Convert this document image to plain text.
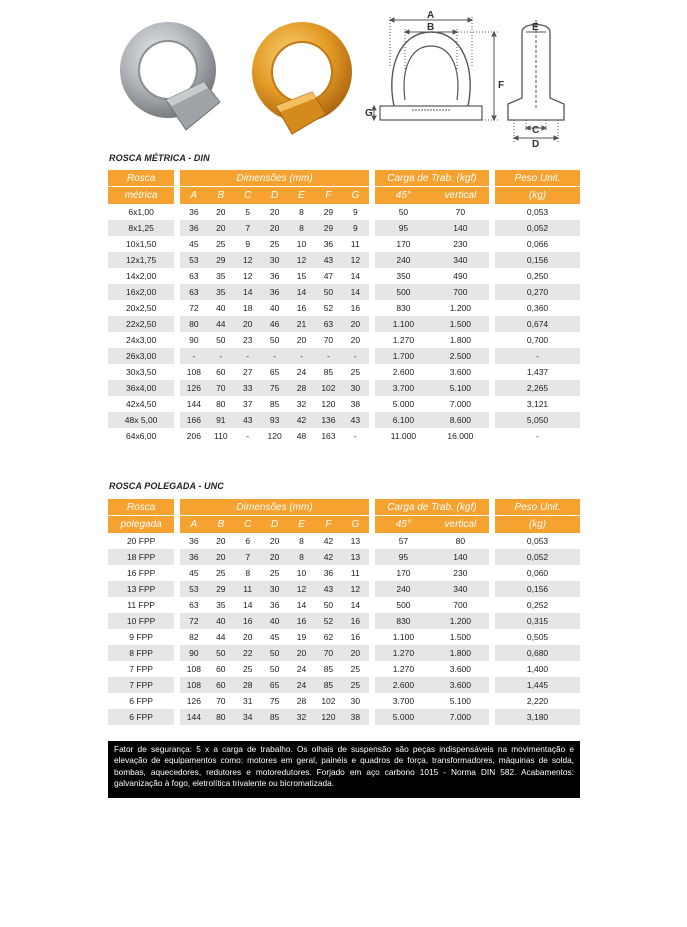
A
B
F
G
E
C
D
ROSCA MÉTRICA - DIN
Rosca		Dimensões (mm)								Carga de Trab. (kgf)			Peso Unit.
métrica		A	B	C	D	E	F	G		45°	vertical		(kg)
6x1,00		36	20	5	20	8	29	9		50	70		0,053
8x1,25		36	20	7	20	8	29	9		95	140		0,052
10x1,50		45	25	9	25	10	36	11		170	230		0,066
12x1,75		53	29	12	30	12	43	12		240	340		0,156
14x2,00		63	35	12	36	15	47	14		350	490		0,250
16x2,00		63	35	14	36	14	50	14		500	700		0,270
20x2,50		72	40	18	40	16	52	16		830	1.200		0,360
22x2,50		80	44	20	46	21	63	20		1.100	1.500		0,674
24x3,00		90	50	23	50	20	70	20		1.270	1.800		0,700
26x3,00		-	-	-	-	-	-	-		1.700	2.500		-
30x3,50		108	60	27	65	24	85	25		2.600	3.600		1,437
36x4,00		126	70	33	75	28	102	30		3.700	5.100		2,265
42x4,50		144	80	37	85	32	120	38		5.000	7.000		3,121
48x 5,00		166	91	43	93	42	136	43		6.100	8.600		5,050
64x6,00		206	110	-	120	48	163	-		11.000	16.000		-
ROSCA POLEGADA - UNC
Rosca		Dimensões (mm)								Carga de Trab. (kgf)			Peso Unit.
polegada		A	B	C	D	E	F	G		45°	vertical		(kg)
20 FPP		36	20	6	20	8	42	13		57	80		0,053
18 FPP		36	20	7	20	8	42	13		95	140		0,052
16 FPP		45	25	8	25	10	36	11		170	230		0,060
13 FPP		53	29	11	30	12	43	12		240	340		0,156
11 FPP		63	35	14	36	14	50	14		500	700		0,252
10 FPP		72	40	16	40	16	52	16		830	1.200		0,315
9 FPP		82	44	20	45	19	62	16		1.100	1.500		0,505
8 FPP		90	50	22	50	20	70	20		1.270	1.800		0,680
7 FPP		108	60	25	50	24	85	25		1.270	3.600		1,400
7 FPP		108	60	28	65	24	85	25		2.600	3.600		1,445
6 FPP		126	70	31	75	28	102	30		3.700	5.100		2,220
6 FPP		144	80	34	85	32	120	38		5.000	7.000		3,180
Fator de segurança: 5 x a carga de trabalho. Os olhais de suspensão são peças indispensáveis na movimentação e elevação de equipamentos como: motores em geral, painéis e quadros de força, transformadores, máquinas de solda, bombas, aquecedores, redutores e motoredutores. Forjado em aço carbono 1015 - Norma DIN 582. Acabamentos: galvanização à fogo, eletrolítica trivalente ou bicromatizada.
